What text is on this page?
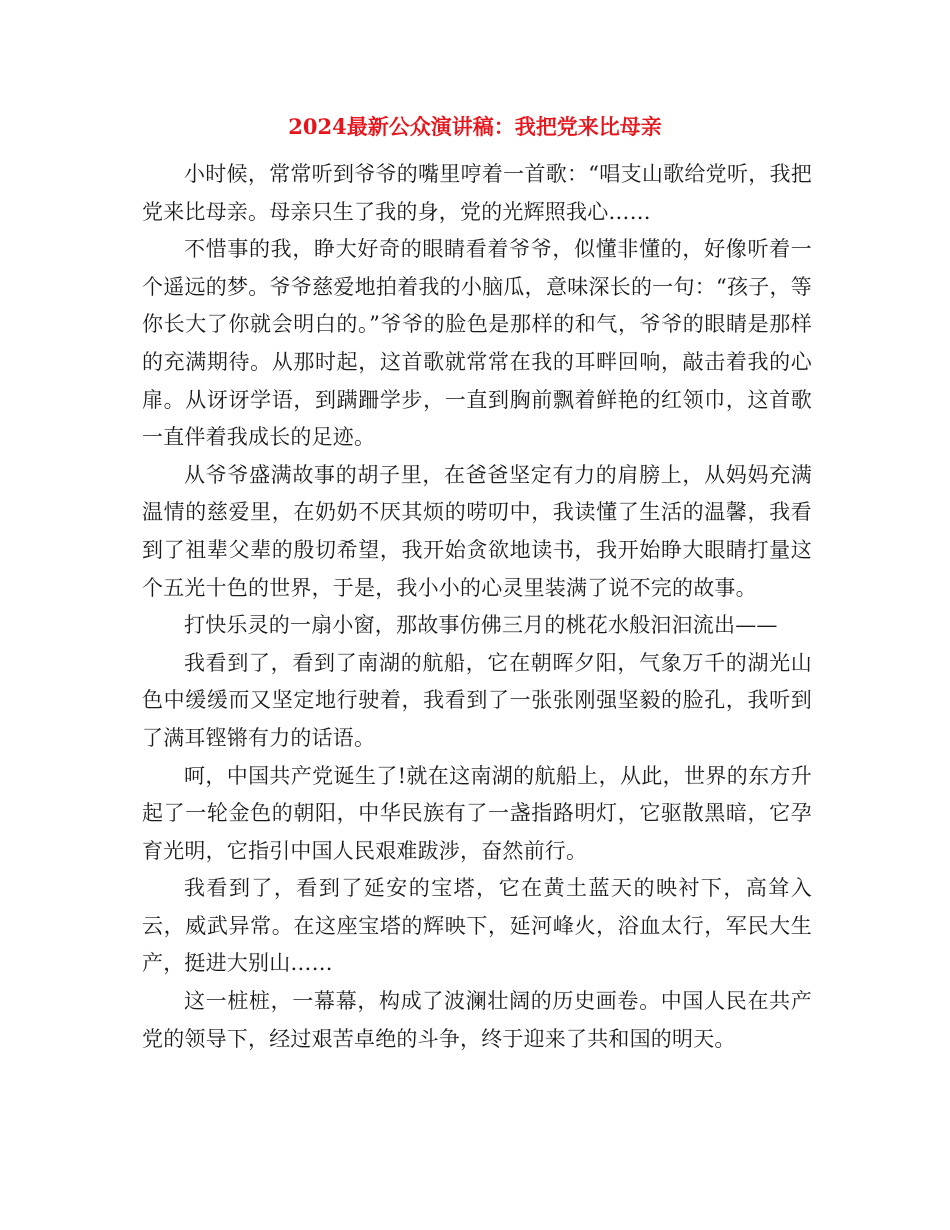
2024最新公众演讲稿：我把党来比母亲

小时候，常常听到爷爷的嘴里哼着一首歌：“唱支山歌给党听，我把党来比母亲。母亲只生了我的身，党的光辉照我心……

不惜事的我，睁大好奇的眼睛看着爷爷，似懂非懂的，好像听着一个遥远的梦。爷爷慈爱地拍着我的小脑瓜，意味深长的一句：“孩子，等你长大了你就会明白的。”爷爷的脸色是那样的和气，爷爷的眼睛是那样的充满期待。从那时起，这首歌就常常在我的耳畔回响，敲击着我的心扉。从讶讶学语，到蹒跚学步，一直到胸前飘着鲜艳的红领巾，这首歌一直伴着我成长的足迹。

从爷爷盛满故事的胡子里，在爸爸坚定有力的肩膀上，从妈妈充满温情的慈爱里，在奶奶不厌其烦的唠叨中，我读懂了生活的温馨，我看到了祖辈父辈的殷切希望，我开始贪欲地读书，我开始睁大眼睛打量这个五光十色的世界，于是，我小小的心灵里装满了说不完的故事。

打快乐灵的一扇小窗，那故事仿佛三月的桃花水般汩汩流出——

我看到了，看到了南湖的航船，它在朝晖夕阳，气象万千的湖光山色中缓缓而又坚定地行驶着，我看到了一张张刚强坚毅的脸孔，我听到了满耳铿锵有力的话语。

呵，中国共产党诞生了!就在这南湖的航船上，从此，世界的东方升起了一轮金色的朝阳，中华民族有了一盏指路明灯，它驱散黑暗，它孕育光明，它指引中国人民艰难跋涉，奋然前行。

我看到了，看到了延安的宝塔，它在黄土蓝天的映衬下，高耸入云，威武异常。在这座宝塔的辉映下，延河峰火，浴血太行，军民大生产，挺进大别山……

这一桩桩，一幕幕，构成了波澜壮阔的历史画卷。中国人民在共产党的领导下，经过艰苦卓绝的斗争，终于迎来了共和国的明天。
